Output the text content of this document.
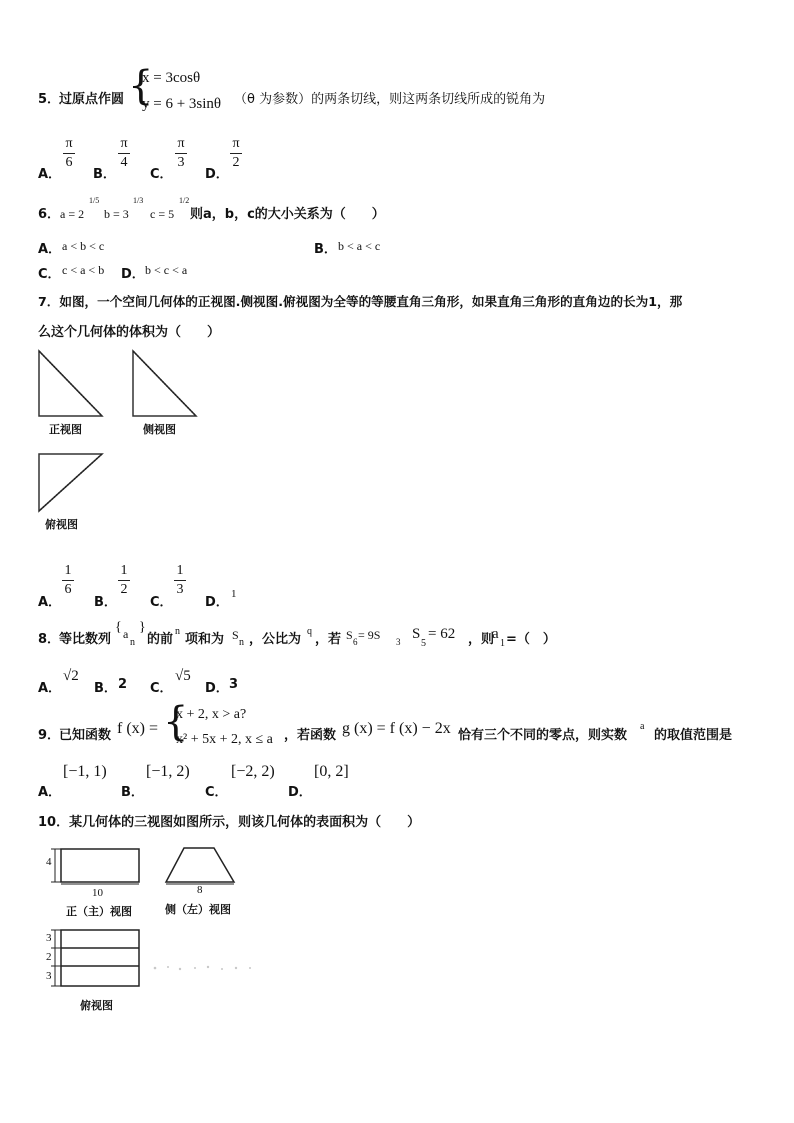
5．
过原点作圆 {
x = 3cosθ
y = 6 + 3sinθ （θ 为参数）的两条切线，则这两条切线所成的锐角为
A．
π
6
B．
π
4
C．
π
3
D．
π
2
6． a = 2
1/5
b = 3
1/3
c = 5
1/2
则a，b，c的大小关系为（　　）
A． a < b < c	B． b < a < c
C． c < a < b D． b < c < a
7．如图，一个空间几何体的正视图.侧视图.俯视图为全等的等腰直角三角形，如果直角三角形的直角边的长为1，那
么这个几何体的体积为（　　）
正视图	侧视图
俯视图
A．
1
6
B．
1
2
C．
1
3
D．
1
8．
等比数列
{ a
n
}
的前
n
项和为 S
n ，公比为
q
，若 S 6 = 9S 3 S
5
= 62 ，则
a
1 =（　）
A．
√2
B． 2 C．
√5
D． 3
9．
已知函数 f (x) = {
x + 2, x > a?
x² + 5x + 2, x ≤ a ，若函数 g (x) = f (x) − 2x 恰有三个不同的零点，则实数
a
的取值范围是
A．
[−1, 1)
B．
[−1, 2)
C．
[−2, 2)
D．
[0, 2]
10．某几何体的三视图如图所示，则该几何体的表面积为（　　）
4
10
正（主）视图
8
侧（左）视图
3
2
3
俯视图
